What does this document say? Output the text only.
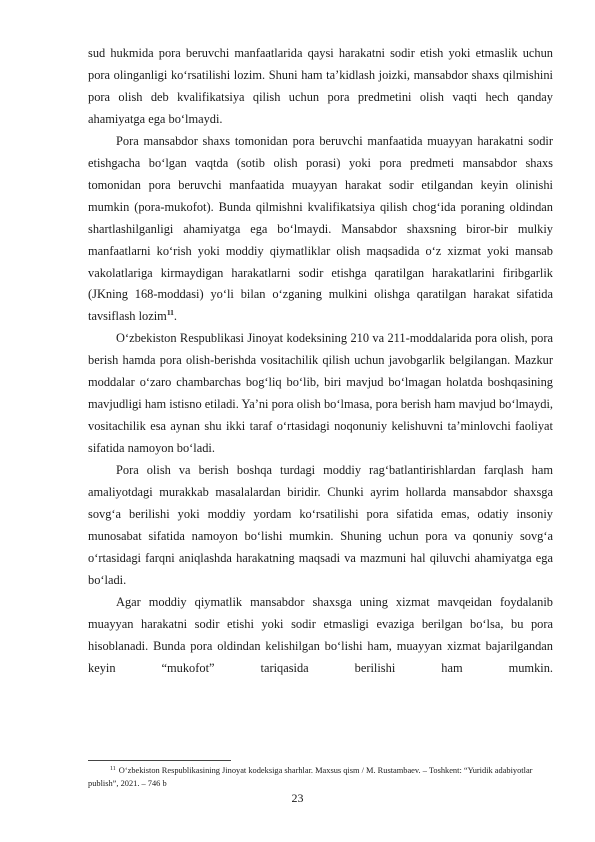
sud hukmida pora beruvchi manfaatlarida qaysi harakatni sodir etish yoki etmaslik uchun pora olinganligi ko‘rsatilishi lozim. Shuni ham ta’kidlash joizki, mansabdor shaxs qilmishini pora olish deb kvalifikatsiya qilish uchun pora predmetini olish vaqti hech qanday ahamiyatga ega bo‘lmaydi.

Pora mansabdor shaxs tomonidan pora beruvchi manfaatida muayyan harakatni sodir etishgacha bo‘lgan vaqtda (sotib olish porasi) yoki pora predmeti mansabdor shaxs tomonidan pora beruvchi manfaatida muayyan harakat sodir etilgandan keyin olinishi mumkin (pora-mukofot). Bunda qilmishni kvalifikatsiya qilish chog‘ida poraning oldindan shartlashilganligi ahamiyatga ega bo‘lmaydi. Mansabdor shaxsning biror-bir mulkiy manfaatlarni ko‘rish yoki moddiy qiymatliklar olish maqsadida o‘z xizmat yoki mansab vakolatlariga kirmaydigan harakatlarni sodir etishga qaratilgan harakatlarini firibgarlik (JKning 168-moddasi) yo‘li bilan o‘zganing mulkini olishga qaratilgan harakat sifatida tavsiflash lozim$^{11}$.

O‘zbekiston Respublikasi Jinoyat kodeksining 210 va 211-moddalarida pora olish, pora berish hamda pora olish-berishda vositachilik qilish uchun javobgarlik belgilangan. Mazkur moddalar o‘zaro chambarchas bog‘liq bo‘lib, biri mavjud bo‘lmagan holatda boshqasining mavjudligi ham istisno etiladi. Ya’ni pora olish bo‘lmasa, pora berish ham mavjud bo‘lmaydi, vositachilik esa aynan shu ikki taraf o‘rtasidagi noqonuniy kelishuvni ta’minlovchi faoliyat sifatida namoyon bo‘ladi.

Pora olish va berish boshqa turdagi moddiy rag‘batlantirishlardan farqlash ham amaliyotdagi murakkab masalalardan biridir. Chunki ayrim hollarda mansabdor shaxsga sovg‘a berilishi yoki moddiy yordam ko‘rsatilishi pora sifatida emas, odatiy insoniy munosabat sifatida namoyon bo‘lishi mumkin. Shuning uchun pora va qonuniy sovg‘a o‘rtasidagi farqni aniqlashda harakatning maqsadi va mazmuni hal qiluvchi ahamiyatga ega bo‘ladi.

Agar moddiy qiymatlik mansabdor shaxsga uning xizmat mavqeidan foydalanib muayyan harakatni sodir etishi yoki sodir etmasligi evaziga berilgan bo‘lsa, bu pora hisoblanadi. Bunda pora oldindan kelishilgan bo‘lishi ham, muayyan xizmat bajarilgandan keyin “mukofot” tariqasida berilishi ham mumkin.

$^{11}$ O‘zbekiston Respublikasining Jinoyat kodeksiga sharhlar. Maxsus qism / M. Rustambaev. – Toshkent: “Yuridik adabiyotlar publish”, 2021. – 746 b
23
